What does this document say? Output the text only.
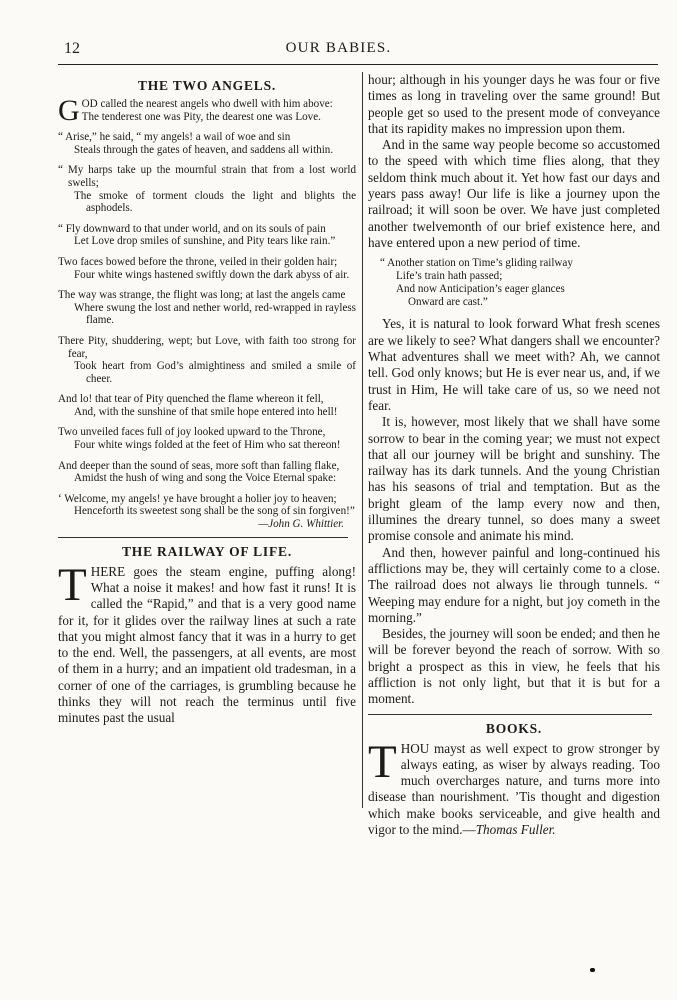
12	OUR BABIES.
THE TWO ANGELS.
GOD called the nearest angels who dwell with him above:
The tenderest one was Pity, the dearest one was Love.
“ Arise,” he said, “ my angels! a wail of woe and sin
Steals through the gates of heaven, and saddens all within.
“ My harps take up the mournful strain that from a lost world swells;
The smoke of torment clouds the light and blights the asphodels.
“ Fly downward to that under world, and on its souls of pain
Let Love drop smiles of sunshine, and Pity tears like rain.”
Two faces bowed before the throne, veiled in their golden hair;
Four white wings hastened swiftly down the dark abyss of air.
The way was strange, the flight was long; at last the angels came
Where swung the lost and nether world, red-wrapped in rayless flame.
There Pity, shuddering, wept; but Love, with faith too strong for fear,
Took heart from God’s almightiness and smiled a smile of cheer.
And lo! that tear of Pity quenched the flame whereon it fell,
And, with the sunshine of that smile hope entered into hell!
Two unveiled faces full of joy looked upward to the Throne,
Four white wings folded at the feet of Him who sat thereon!
And deeper than the sound of seas, more soft than falling flake,
Amidst the hush of wing and song the Voice Eternal spake:
‘ Welcome, my angels! ye have brought a holier joy to heaven;
Henceforth its sweetest song shall be the song of sin forgiven!”
—John G. Whittier.
THE RAILWAY OF LIFE.

THERE goes the steam engine, puffing along! What a noise it makes! and how fast it runs! It is called the “Rapid,” and that is a very good name for it, for it glides over the railway lines at such a rate that you might almost fancy that it was in a hurry to get to the end. Well, the passengers, at all events, are most of them in a hurry; and an impatient old tradesman, in a corner of one of the carriages, is grumbling because he thinks they will not reach the terminus until five minutes past the usual

hour; although in his younger days he was four or five times as long in traveling over the same ground! But people get so used to the present mode of conveyance that its rapidity makes no impression upon them.

And in the same way people become so accustomed to the speed with which time flies along, that they seldom think much about it. Yet how fast our days and years pass away! Our life is like a journey upon the railroad; it will soon be over. We have just completed another twelvemonth of our brief existence here, and have entered upon a new period of time.

“ Another station on Time’s gliding railway
Life’s train hath passed;
And now Anticipation’s eager glances
Onward are cast.”

Yes, it is natural to look forward What fresh scenes are we likely to see? What dangers shall we encounter? What adventures shall we meet with? Ah, we cannot tell. God only knows; but He is ever near us, and, if we trust in Him, He will take care of us, so we need not fear.

It is, however, most likely that we shall have some sorrow to bear in the coming year; we must not expect that all our journey will be bright and sunshiny. The railway has its dark tunnels. And the young Christian has his seasons of trial and temptation. But as the bright gleam of the lamp every now and then, illumines the dreary tunnel, so does many a sweet promise console and animate his mind.

And then, however painful and long-continued his afflictions may be, they will certainly come to a close. The railroad does not always lie through tunnels. “ Weeping may endure for a night, but joy cometh in the morning.”

Besides, the journey will soon be ended; and then he will be forever beyond the reach of sorrow. With so bright a prospect as this in view, he feels that his affliction is not only light, but that it is but for a moment.

BOOKS.

THOU mayst as well expect to grow stronger by always eating, as wiser by always reading. Too much overcharges nature, and turns more into disease than nourishment. ’Tis thought and digestion which make books serviceable, and give health and vigor to the mind.—Thomas Fuller.
